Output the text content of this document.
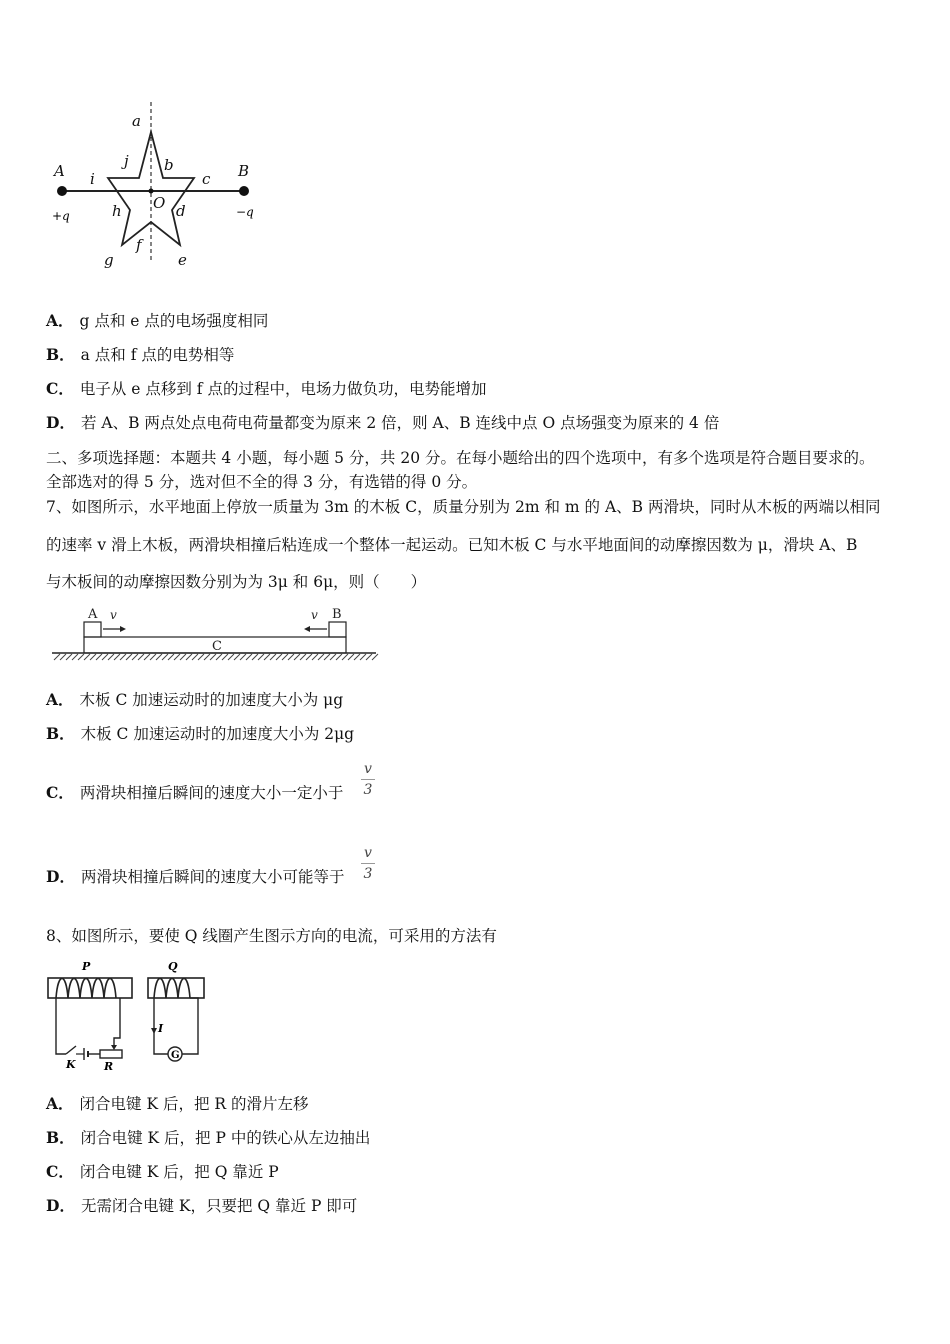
a
j b
i	c
h O d
f
g	e
A	B
+q	−q
A． g 点和 e 点的电场强度相同
B． a 点和 f 点的电势相等
C． 电子从 e 点移到 f 点的过程中，电场力做负功，电势能增加
D． 若 A、B 两点处点电荷电荷量都变为原来 2 倍，则 A、B 连线中点 O 点场强变为原来的 4 倍
二、多项选择题：本题共 4 小题，每小题 5 分，共 20 分。在每小题给出的四个选项中，有多个选项是符合题目要求的。
全部选对的得 5 分，选对但不全的得 3 分，有选错的得 0 分。
7、如图所示，水平地面上停放一质量为 3m 的木板 C，质量分别为 2m 和 m 的 A、B 两滑块，同时从木板的两端以相同
的速率 v 滑上木板，两滑块相撞后粘连成一个整体一起运动。已知木板 C 与水平地面间的动摩擦因数为 μ，滑块 A、B
与木板间的动摩擦因数分别为为 3μ 和 6μ，则（　　）
C
A	B
v	v
A． 木板 C 加速运动时的加速度大小为 μg
B． 木板 C 加速运动时的加速度大小为 2μg
C． 两滑块相撞后瞬间的速度大小一定小于
v
3
D． 两滑块相撞后瞬间的速度大小可能等于
v
3
8、如图所示，要使 Q 线圈产生图示方向的电流，可采用的方法有
P
K	R
Q
G
I
A． 闭合电键 K 后，把 R 的滑片左移
B． 闭合电键 K 后，把 P 中的铁心从左边抽出
C． 闭合电键 K 后，把 Q 靠近 P
D． 无需闭合电键 K，只要把 Q 靠近 P 即可
